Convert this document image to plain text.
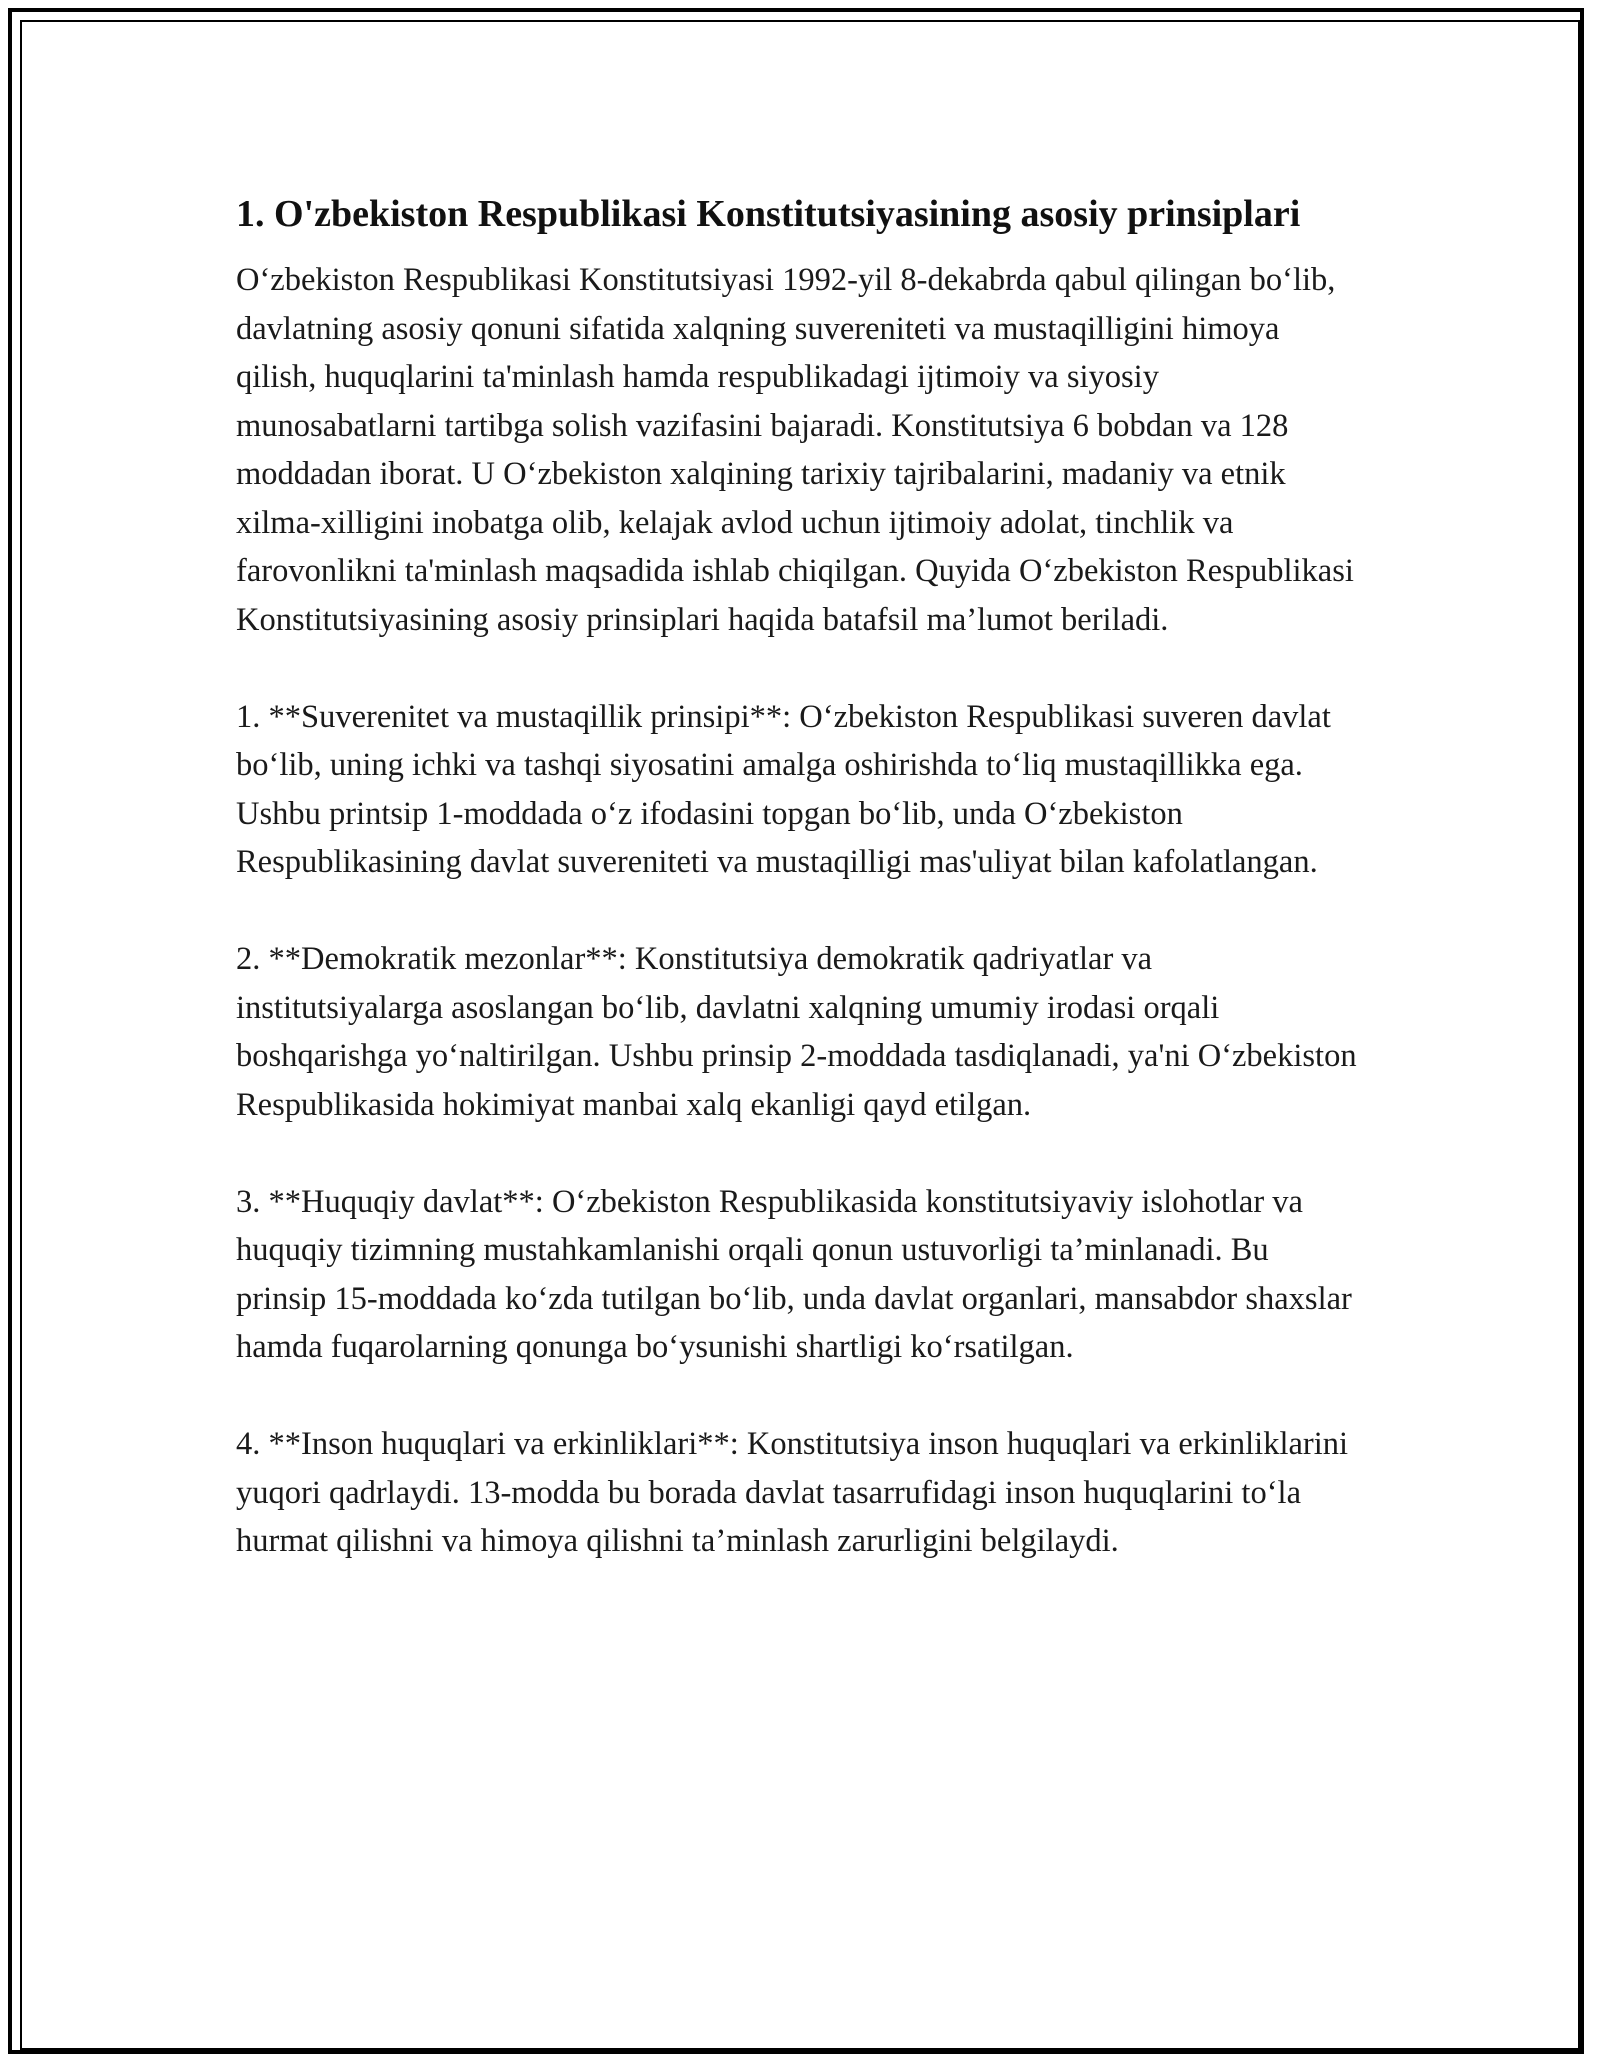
1. O'zbekiston Respublikasi Konstitutsiyasining asosiy prinsiplari

O‘zbekiston Respublikasi Konstitutsiyasi 1992-yil 8-dekabrda qabul qilingan bo‘lib, davlatning asosiy qonuni sifatida xalqning suvereniteti va mustaqilligini himoya qilish, huquqlarini ta'minlash hamda respublikadagi ijtimoiy va siyosiy munosabatlarni tartibga solish vazifasini bajaradi. Konstitutsiya 6 bobdan va 128 moddadan iborat. U O‘zbekiston xalqining tarixiy tajribalarini, madaniy va etnik xilma-xilligini inobatga olib, kelajak avlod uchun ijtimoiy adolat, tinchlik va farovonlikni ta'minlash maqsadida ishlab chiqilgan. Quyida O‘zbekiston Respublikasi Konstitutsiyasining asosiy prinsiplari haqida batafsil ma’lumot beriladi.

1. **Suverenitet va mustaqillik prinsipi**: O‘zbekiston Respublikasi suveren davlat bo‘lib, uning ichki va tashqi siyosatini amalga oshirishda to‘liq mustaqillikka ega. Ushbu printsip 1-moddada o‘z ifodasini topgan bo‘lib, unda O‘zbekiston Respublikasining davlat suvereniteti va mustaqilligi mas'uliyat bilan kafolatlangan.

2. **Demokratik mezonlar**: Konstitutsiya demokratik qadriyatlar va institutsiyalarga asoslangan bo‘lib, davlatni xalqning umumiy irodasi orqali boshqarishga yo‘naltirilgan. Ushbu prinsip 2-moddada tasdiqlanadi, ya'ni O‘zbekiston Respublikasida hokimiyat manbai xalq ekanligi qayd etilgan.

3. **Huquqiy davlat**: O‘zbekiston Respublikasida konstitutsiyaviy islohotlar va huquqiy tizimning mustahkamlanishi orqali qonun ustuvorligi ta’minlanadi. Bu prinsip 15-moddada ko‘zda tutilgan bo‘lib, unda davlat organlari, mansabdor shaxslar hamda fuqarolarning qonunga bo‘ysunishi shartligi ko‘rsatilgan.

4. **Inson huquqlari va erkinliklari**: Konstitutsiya inson huquqlari va erkinliklarini yuqori qadrlaydi. 13-modda bu borada davlat tasarrufidagi inson huquqlarini to‘la hurmat qilishni va himoya qilishni ta’minlash zarurligini belgilaydi.
